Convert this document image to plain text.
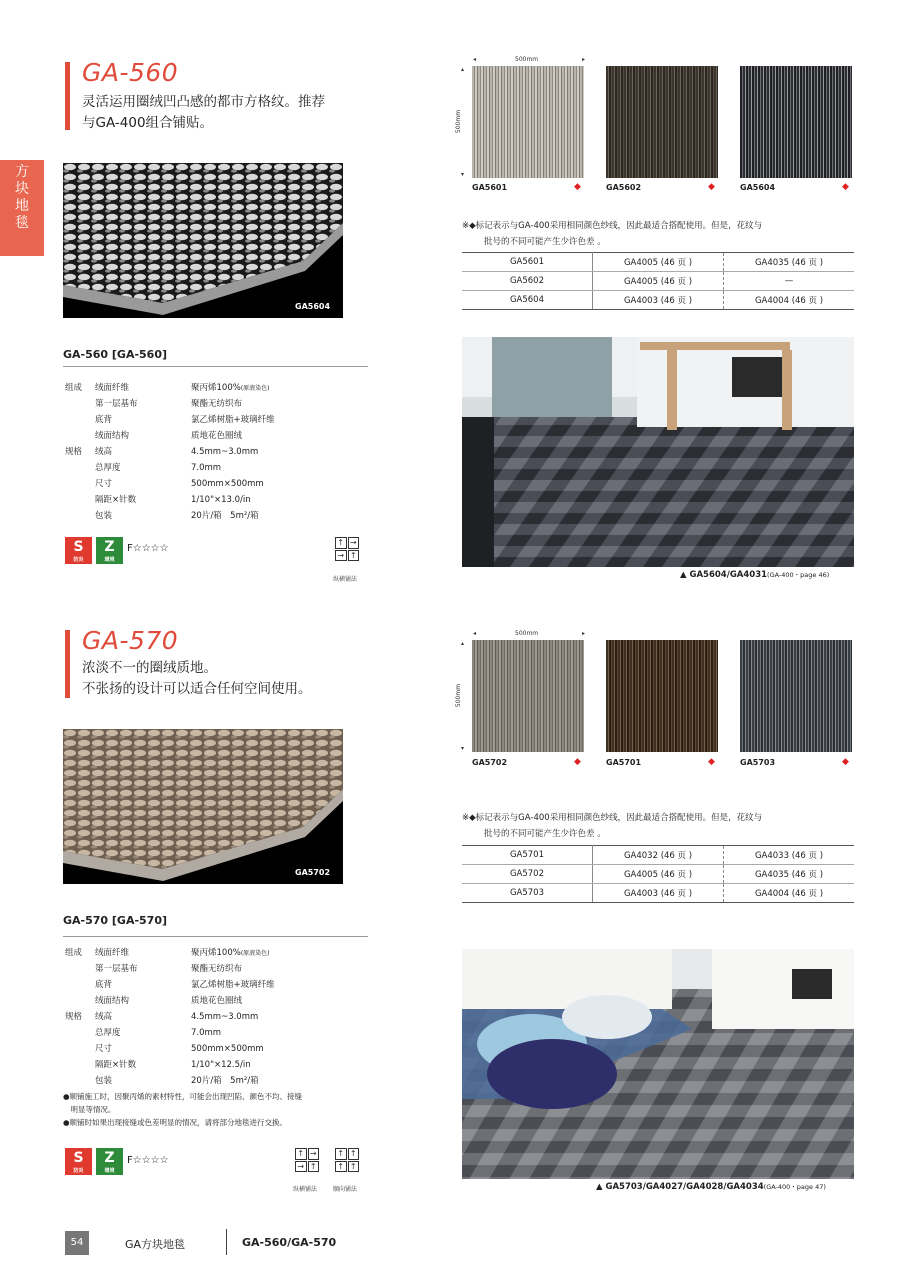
方
块
地
毯
GA-560
灵活运用圈绒凹凸感的都市方格纹。推荐
与GA-400组合铺贴。
GA5604
GA-560 [GA-560]
组成	绒面纤维	聚丙烯100%(原液染色)
第一层基布	聚酯无纺织布
底背	氯乙烯树脂+玻璃纤维
绒面结构	质地花色圈绒
规格	绒高	4.5mm~3.0mm
总厚度	7.0mm
尺寸	500mm×500mm
隔距×针数	1/10"×13.0/in
包装	20片/箱　5m²/箱
S
防炎
Z
環境
F☆☆☆☆
↑ →
→ ↑
纵横铺法
◂	500mm	▸
▴
500mm
▾
GA5601	◆	GA5602	◆	GA5604	◆
※◆标记表示与GA-400采用相同颜色纱线，因此最适合搭配使用。但是，花纹与
批号的不同可能产生少许色差 。
GA5601	GA4005 (46 页 )	GA4035 (46 页 )
GA5602	GA4005 (46 页 )	—
GA5604	GA4003 (46 页 )	GA4004 (46 页 )
▲ GA5604/GA4031(GA-400・page 46)
GA-570
浓淡不一的圈绒质地。
不张扬的设计可以适合任何空间使用。
GA5702
GA-570 [GA-570]
组成	绒面纤维	聚丙烯100%(原液染色)
第一层基布	聚酯无纺织布
底背	氯乙烯树脂+玻璃纤维
绒面结构	质地花色圈绒
规格	绒高	4.5mm~3.0mm
总厚度	7.0mm
尺寸	500mm×500mm
隔距×针数	1/10"×12.5/in
包装	20片/箱　5m²/箱
●顺铺施工时，因聚丙烯的素材特性，可能会出现凹陷、颜色不均、接缝
　明显等情况。
●顺铺时如果出现接缝或色差明显的情况，请将部分地毯进行交换。
S
防炎
Z
環境
F☆☆☆☆
↑ →
→ ↑
纵横铺法
↑ ↑
↑ ↑
顺向铺法
◂	500mm	▸
▴
500mm
▾
GA5702	◆	GA5701	◆	GA5703	◆
※◆标记表示与GA-400采用相同颜色纱线，因此最适合搭配使用。但是，花纹与
批号的不同可能产生少许色差 。
GA5701	GA4032 (46 页 )	GA4033 (46 页 )
GA5702	GA4005 (46 页 )	GA4035 (46 页 )
GA5703	GA4003 (46 页 )	GA4004 (46 页 )
▲ GA5703/GA4027/GA4028/GA4034(GA-400・page 47)
54	GA方块地毯	GA-560/GA-570
